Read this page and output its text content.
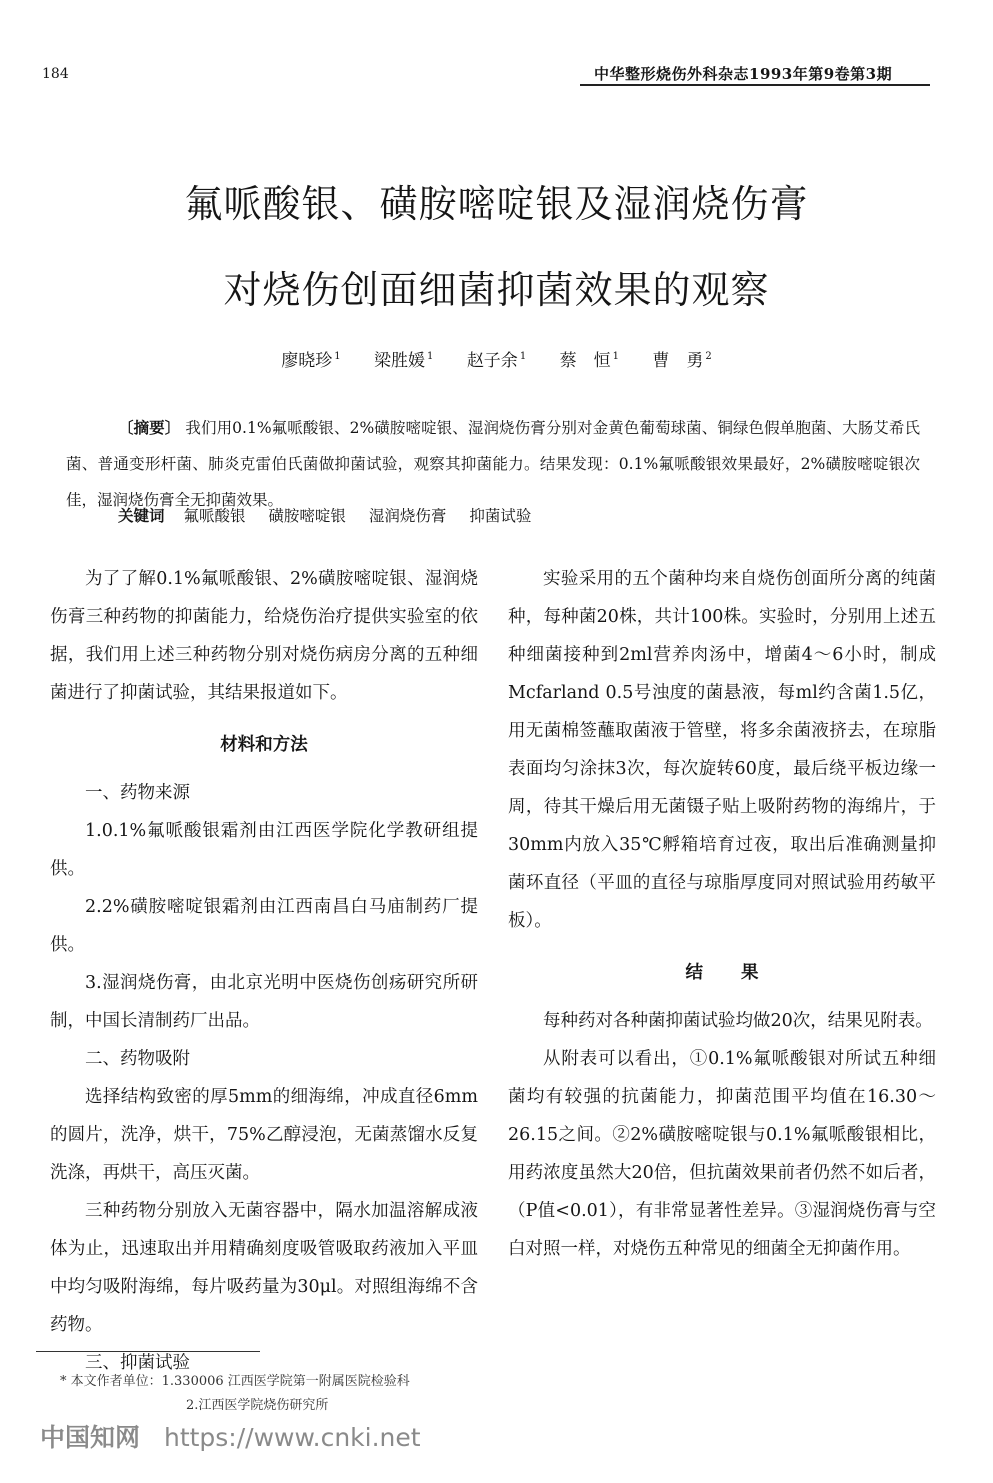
184	中华整形烧伤外科杂志1993年第9卷第3期
氟哌酸银、磺胺嘧啶银及湿润烧伤膏
对烧伤创面细菌抑菌效果的观察
廖晓珍 $^1$ 梁胜媛 $^1$ 赵子余 $^1$ 蔡　恒 $^1$ 曹　勇 $^2$
〔摘要〕 我们用0.1%氟哌酸银、2%磺胺嘧啶银、湿润烧伤膏分别对金黄色葡萄球菌、铜绿色假单胞菌、大肠艾希氏菌、普通变形杆菌、肺炎克雷伯氏菌做抑菌试验，观察其抑菌能力。结果发现：0.1%氟哌酸银效果最好，2%磺胺嘧啶银次佳，湿润烧伤膏全无抑菌效果。
关键词 氟哌酸银 磺胺嘧啶银 湿润烧伤膏 抑菌试验

为了了解0.1%氟哌酸银、2%磺胺嘧啶银、湿润烧伤膏三种药物的抑菌能力，给烧伤治疗提供实验室的依据，我们用上述三种药物分别对烧伤病房分离的五种细菌进行了抑菌试验，其结果报道如下。

材料和方法

一、药物来源

1.0.1%氟哌酸银霜剂由江西医学院化学教研组提供。

2.2%磺胺嘧啶银霜剂由江西南昌白马庙制药厂提供。

3.湿润烧伤膏，由北京光明中医烧伤创疡研究所研制，中国长清制药厂出品。

二、药物吸附

选择结构致密的厚5mm的细海绵，冲成直径6mm的圆片，洗净，烘干，75%乙醇浸泡，无菌蒸馏水反复洗涤，再烘干，高压灭菌。

三种药物分别放入无菌容器中，隔水加温溶解成液体为止，迅速取出并用精确刻度吸管吸取药液加入平皿中均匀吸附海绵，每片吸药量为30μl。对照组海绵不含药物。

三、抑菌试验

实验采用的五个菌种均来自烧伤创面所分离的纯菌种，每种菌20株，共计100株。实验时，分别用上述五种细菌接种到2ml营养肉汤中，增菌4～6小时，制成Mcfarland 0.5号浊度的菌悬液，每ml约含菌1.5亿，用无菌棉签蘸取菌液于管壁，将多余菌液挤去，在琼脂表面均匀涂抹3次，每次旋转60度，最后绕平板边缘一周，待其干燥后用无菌镊子贴上吸附药物的海绵片，于30mm内放入35℃孵箱培育过夜，取出后准确测量抑菌环直径（平皿的直径与琼脂厚度同对照试验用药敏平板）。

结果

每种药对各种菌抑菌试验均做20次，结果见附表。

从附表可以看出，①0.1%氟哌酸银对所试五种细菌均有较强的抗菌能力，抑菌范围平均值在16.30～26.15之间。②2%磺胺嘧啶银与0.1%氟哌酸银相比，用药浓度虽然大20倍，但抗菌效果前者仍然不如后者，（P值<0.01），有非常显著性差异。③湿润烧伤膏与空白对照一样，对烧伤五种常见的细菌全无抑菌作用。

* 本文作者单位：1.330006 江西医学院第一附属医院检验科
2.江西医学院烧伤研究所
中国知网 https://www.cnki.net
